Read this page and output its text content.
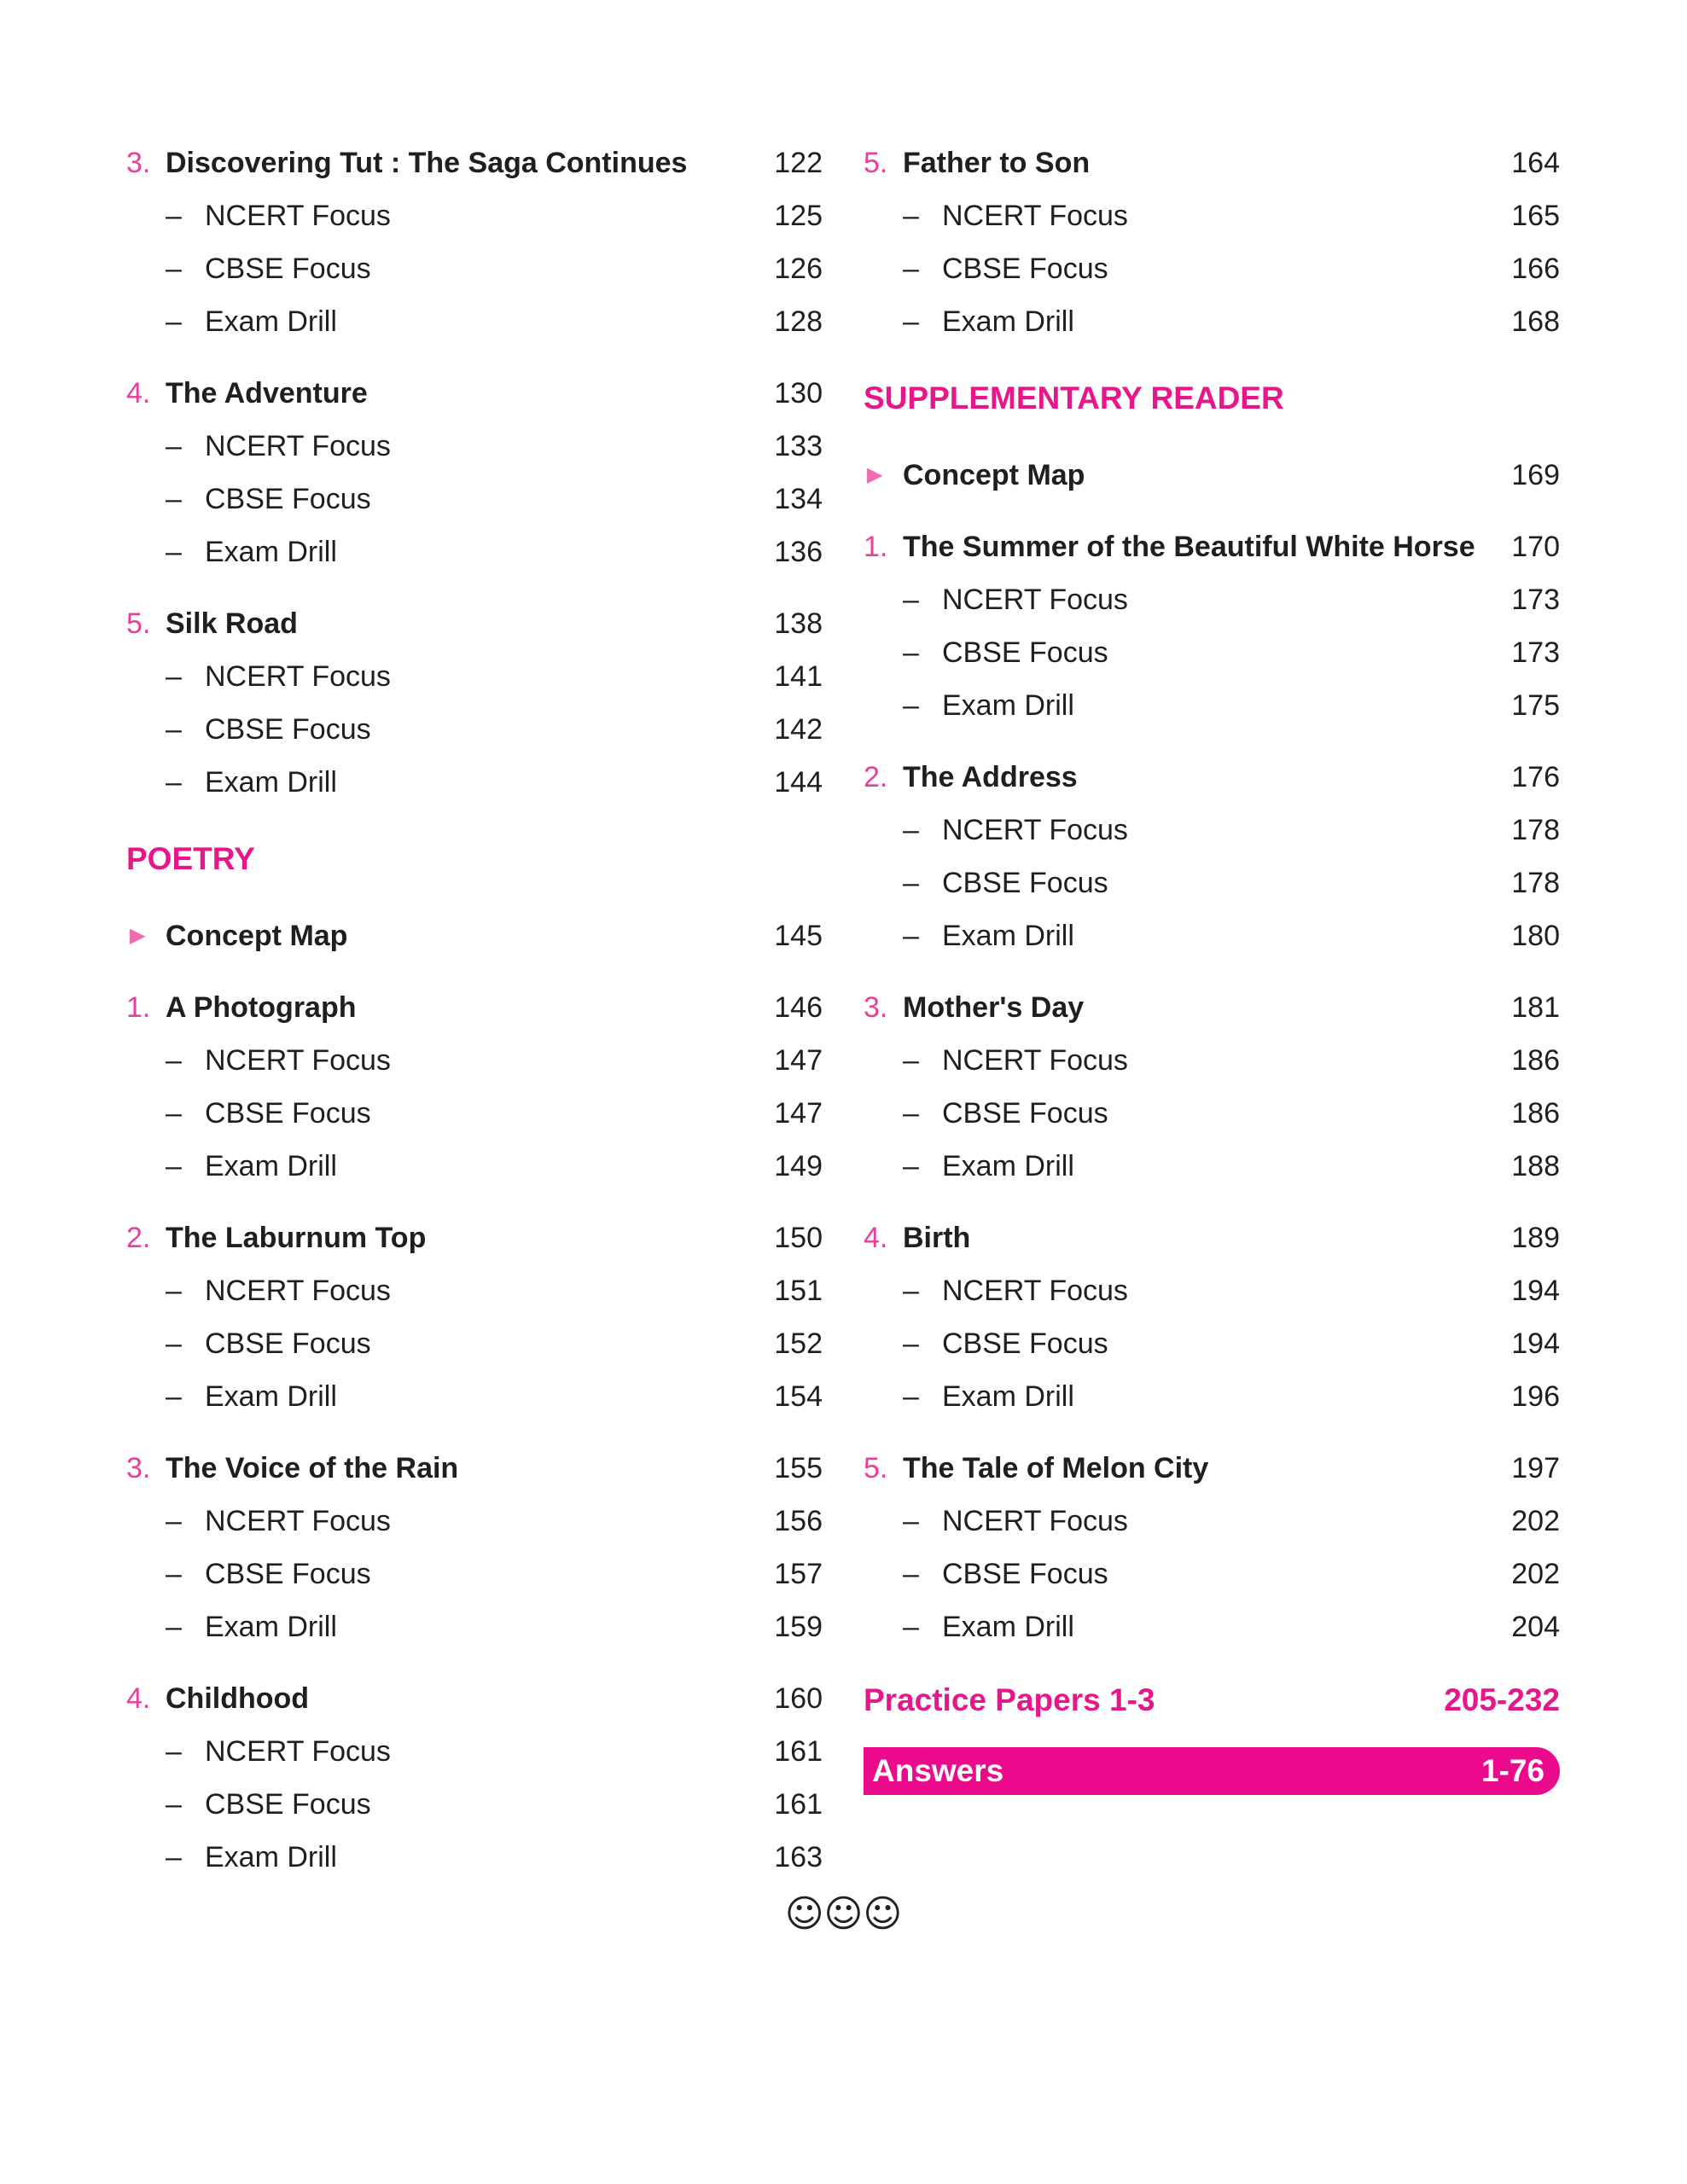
3. Discovering Tut : The Saga Continues	122
– NCERT Focus	125
– CBSE Focus	126
– Exam Drill	128
4. The Adventure	130
– NCERT Focus	133
– CBSE Focus	134
– Exam Drill	136
5. Silk Road	138
– NCERT Focus	141
– CBSE Focus	142
– Exam Drill	144
POETRY
▶ Concept Map	145
1. A Photograph	146
– NCERT Focus	147
– CBSE Focus	147
– Exam Drill	149
2. The Laburnum Top	150
– NCERT Focus	151
– CBSE Focus	152
– Exam Drill	154
3. The Voice of the Rain	155
– NCERT Focus	156
– CBSE Focus	157
– Exam Drill	159
4. Childhood	160
– NCERT Focus	161
– CBSE Focus	161
– Exam Drill	163
5. Father to Son	164
– NCERT Focus	165
– CBSE Focus	166
– Exam Drill	168
SUPPLEMENTARY READER
▶ Concept Map	169
1. The Summer of the Beautiful White Horse 170
– NCERT Focus	173
– CBSE Focus	173
– Exam Drill	175
2. The Address	176
– NCERT Focus	178
– CBSE Focus	178
– Exam Drill	180
3. Mother's Day	181
– NCERT Focus	186
– CBSE Focus	186
– Exam Drill	188
4. Birth	189
– NCERT Focus	194
– CBSE Focus	194
– Exam Drill	196
5. The Tale of Melon City	197
– NCERT Focus	202
– CBSE Focus	202
– Exam Drill	204
Practice Papers 1-3	205-232
Answers	1-76
☺☺☺
